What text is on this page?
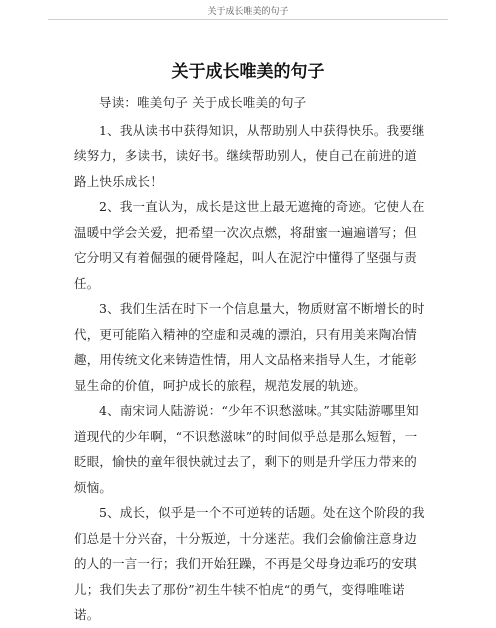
关于成长唯美的句子
关于成长唯美的句子

导读：唯美句子 关于成长唯美的句子

1、我从读书中获得知识，从帮助别人中获得快乐。我要继续努力，多读书，读好书。继续帮助别人，使自己在前进的道路上快乐成长！

2、我一直认为，成长是这世上最无遮掩的奇迹。它使人在温暖中学会关爱，把希望一次次点燃，将甜蜜一遍遍谱写；但它分明又有着倔强的硬骨隆起，叫人在泥泞中懂得了坚强与责任。

3、我们生活在时下一个信息量大，物质财富不断增长的时代，更可能陷入精神的空虚和灵魂的漂泊，只有用美来陶冶情趣，用传统文化来铸造性情，用人文品格来指导人生，才能彰显生命的价值，呵护成长的旅程，规范发展的轨迹。

4、南宋词人陆游说：“少年不识愁滋味。”其实陆游哪里知道现代的少年啊，“不识愁滋味”的时间似乎总是那么短暂，一眨眼，愉快的童年很快就过去了，剩下的则是升学压力带来的烦恼。

5、成长，似乎是一个不可逆转的话题。处在这个阶段的我们总是十分兴奋，十分叛逆，十分迷茫。我们会偷偷注意身边的人的一言一行；我们开始狂躁，不再是父母身边乖巧的安琪儿；我们失去了那份”初生牛犊不怕虎“的勇气，变得唯唯诺诺。
